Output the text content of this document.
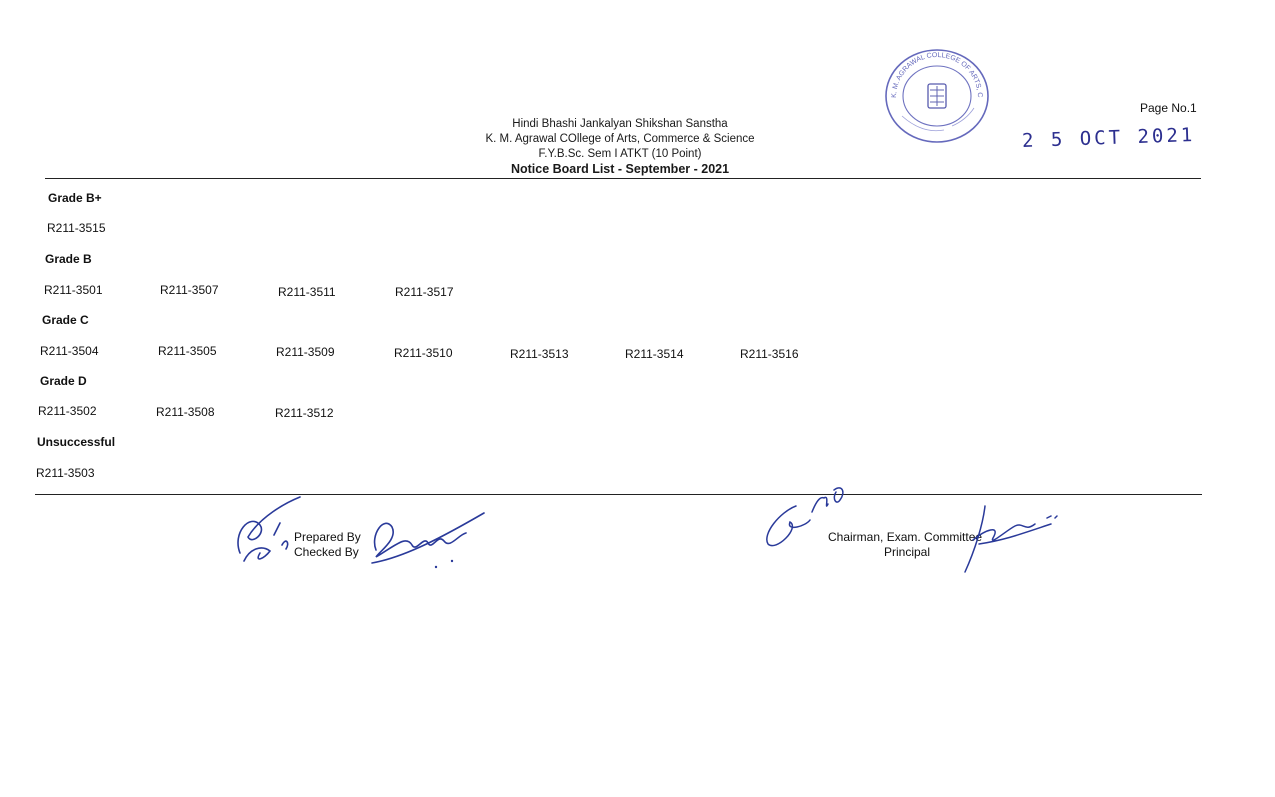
K. M. AGRAWAL COLLEGE OF ARTS, COMMERCE & SCIENCE
2 5 OCT 2021
Page No.1
Hindi Bhashi Jankalyan Shikshan Sanstha
K. M. Agrawal COllege of Arts, Commerce & Science
F.Y.B.Sc. Sem I ATKT (10 Point)
Notice Board List - September - 2021
Grade B+
R211-3515
Grade B
R211-3501	R211-3507	R211-3511	R211-3517
Grade C
R211-3504	R211-3505	R211-3509	R211-3510	R211-3513	R211-3514	R211-3516
Grade D
R211-3502	R211-3508	R211-3512
Unsuccessful
R211-3503
Prepared By
Checked By
Chairman, Exam. Committee
Principal
